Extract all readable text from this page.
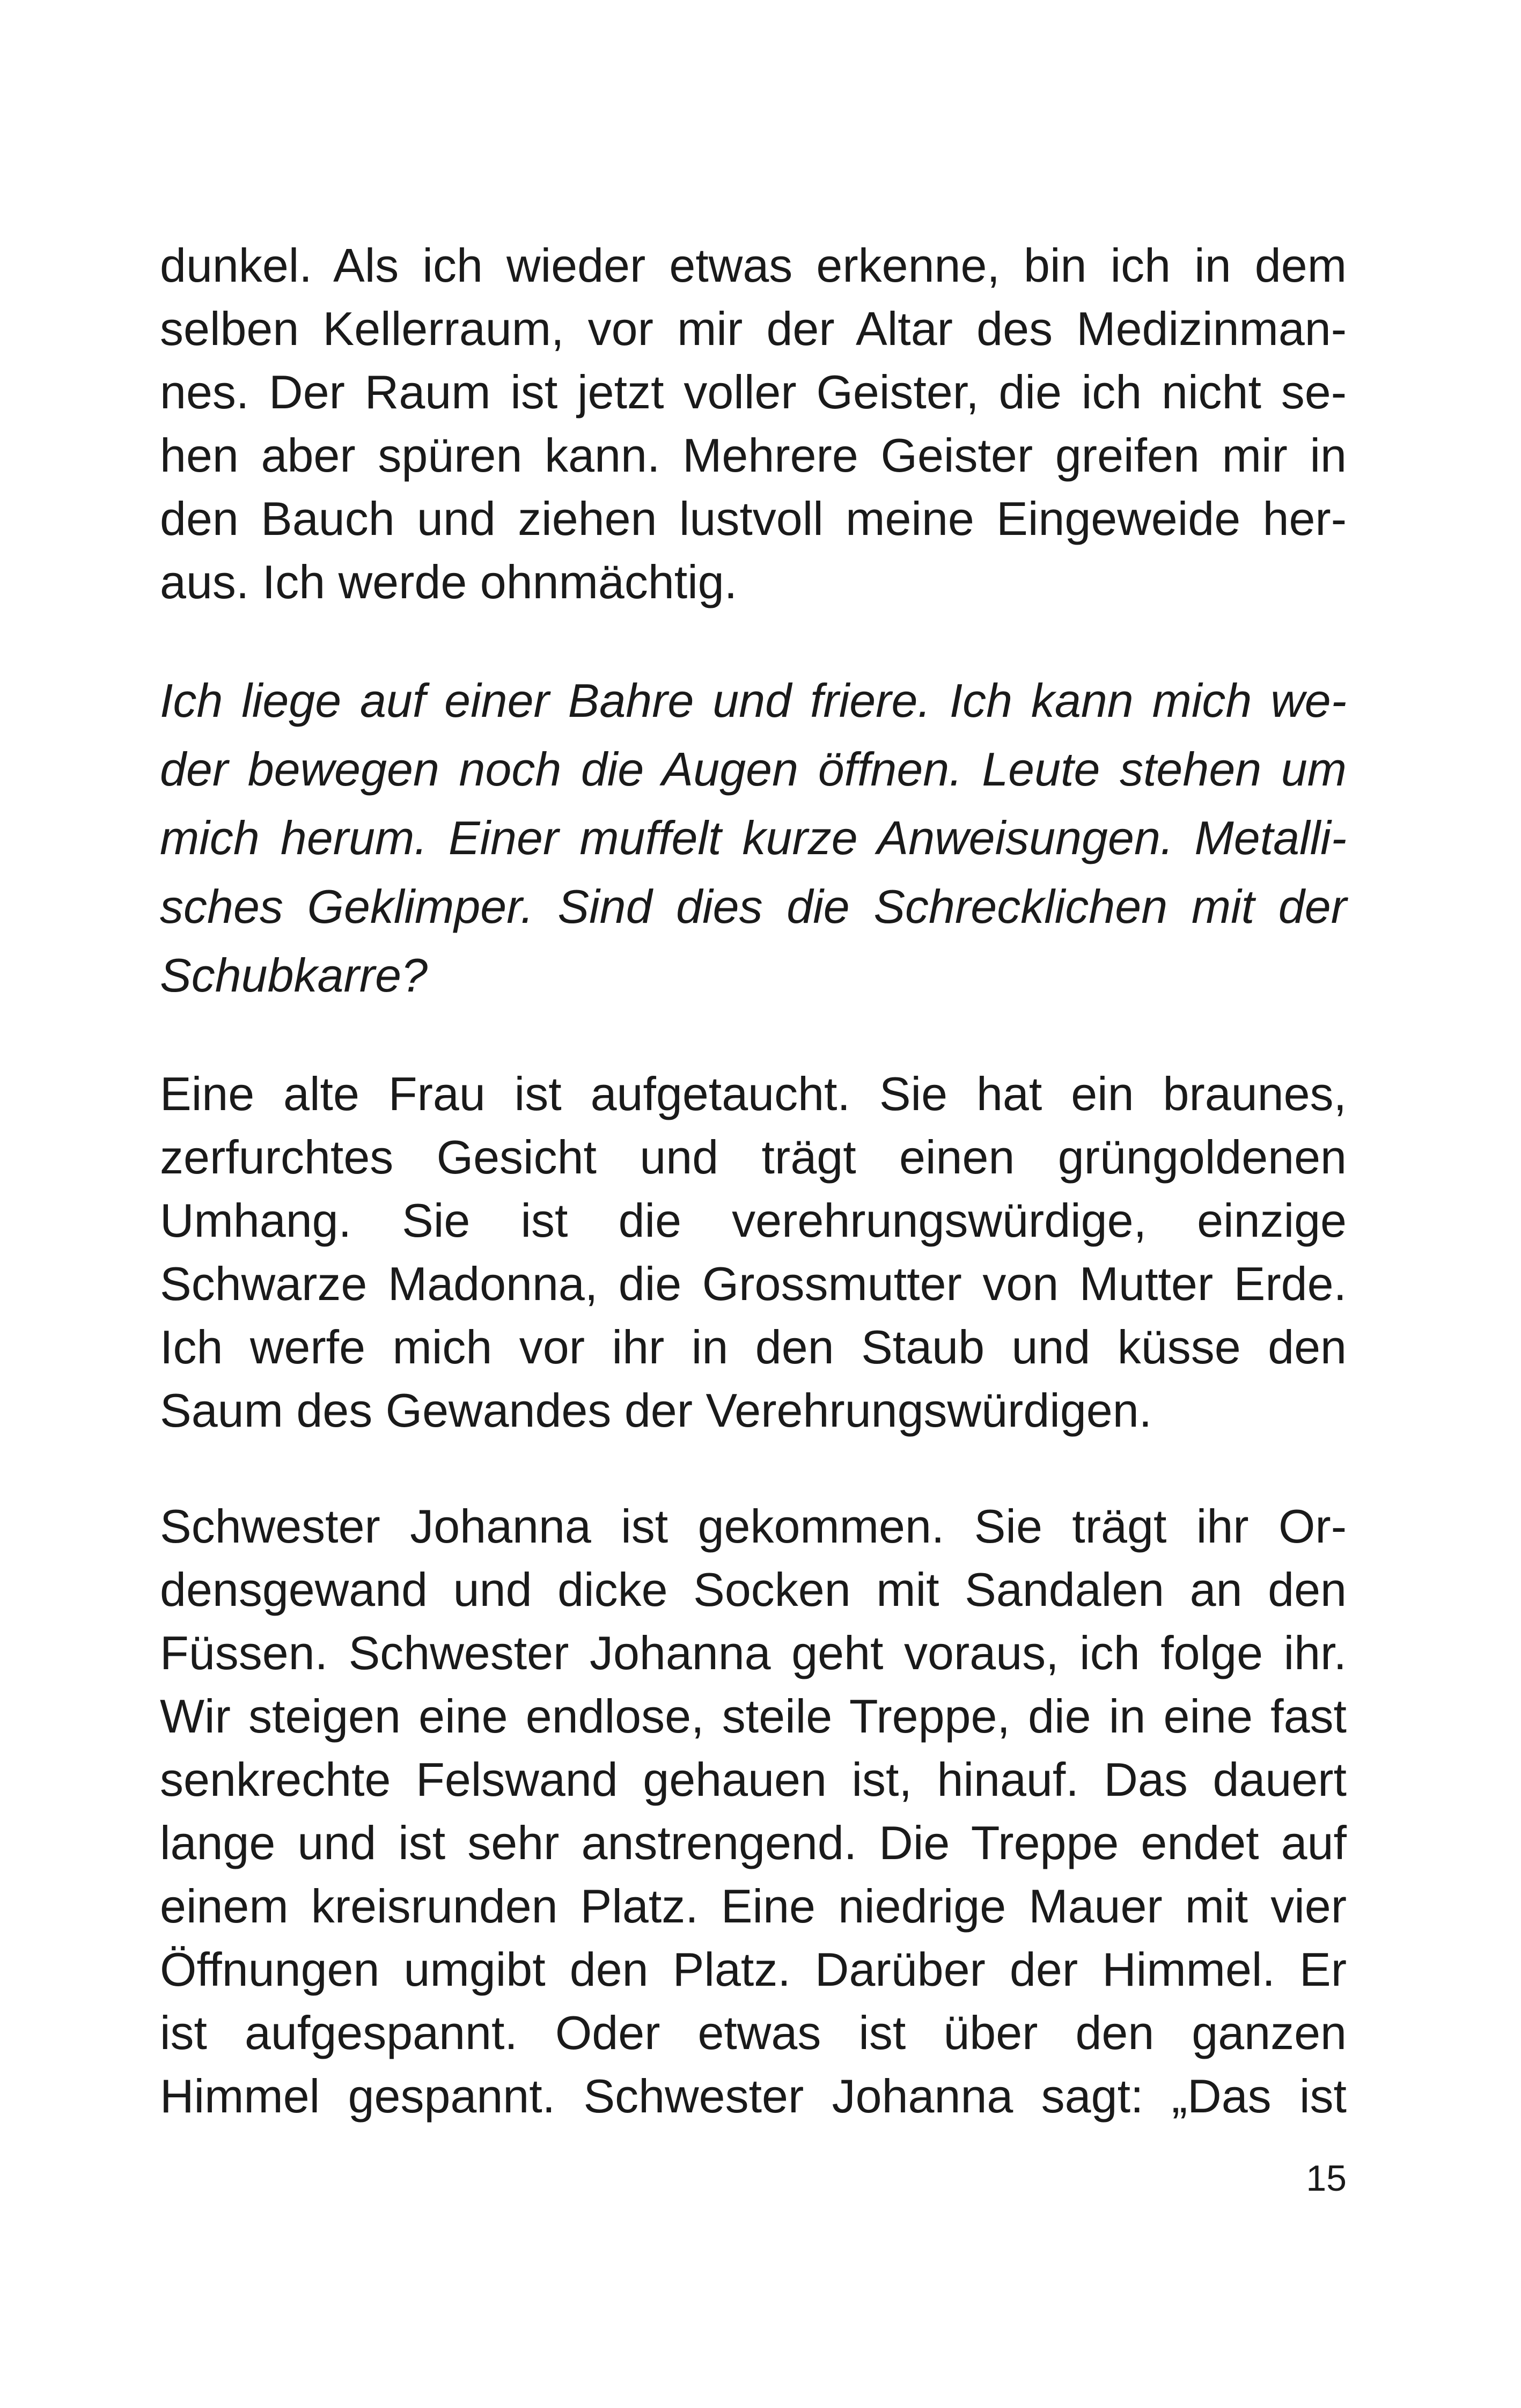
dunkel. Als ich wieder etwas erkenne, bin ich in dem
selben Kellerraum, vor mir der Altar des Medizinman-
nes. Der Raum ist jetzt voller Geister, die ich nicht se-
hen aber spüren kann. Mehrere Geister greifen mir in
den Bauch und ziehen lustvoll meine Eingeweide her-
aus. Ich werde ohnmächtig.
Ich liege auf einer Bahre und friere. Ich kann mich we-
der bewegen noch die Augen öffnen. Leute stehen um
mich herum. Einer muffelt kurze Anweisungen. Metalli-
sches Geklimper. Sind dies die Schrecklichen mit der
Schubkarre?
Eine alte Frau ist aufgetaucht. Sie hat ein braunes,
zerfurchtes Gesicht und trägt einen grüngoldenen
Umhang. Sie ist die verehrungswürdige, einzige
Schwarze Madonna, die Grossmutter von Mutter Erde.
Ich werfe mich vor ihr in den Staub und küsse den
Saum des Gewandes der Verehrungswürdigen.
Schwester Johanna ist gekommen. Sie trägt ihr Or-
densgewand und dicke Socken mit Sandalen an den
Füssen. Schwester Johanna geht voraus, ich folge ihr.
Wir steigen eine endlose, steile Treppe, die in eine fast
senkrechte Felswand gehauen ist, hinauf. Das dauert
lange und ist sehr anstrengend. Die Treppe endet auf
einem kreisrunden Platz. Eine niedrige Mauer mit vier
Öffnungen umgibt den Platz. Darüber der Himmel. Er
ist aufgespannt. Oder etwas ist über den ganzen
Himmel gespannt. Schwester Johanna sagt: „Das ist
15
